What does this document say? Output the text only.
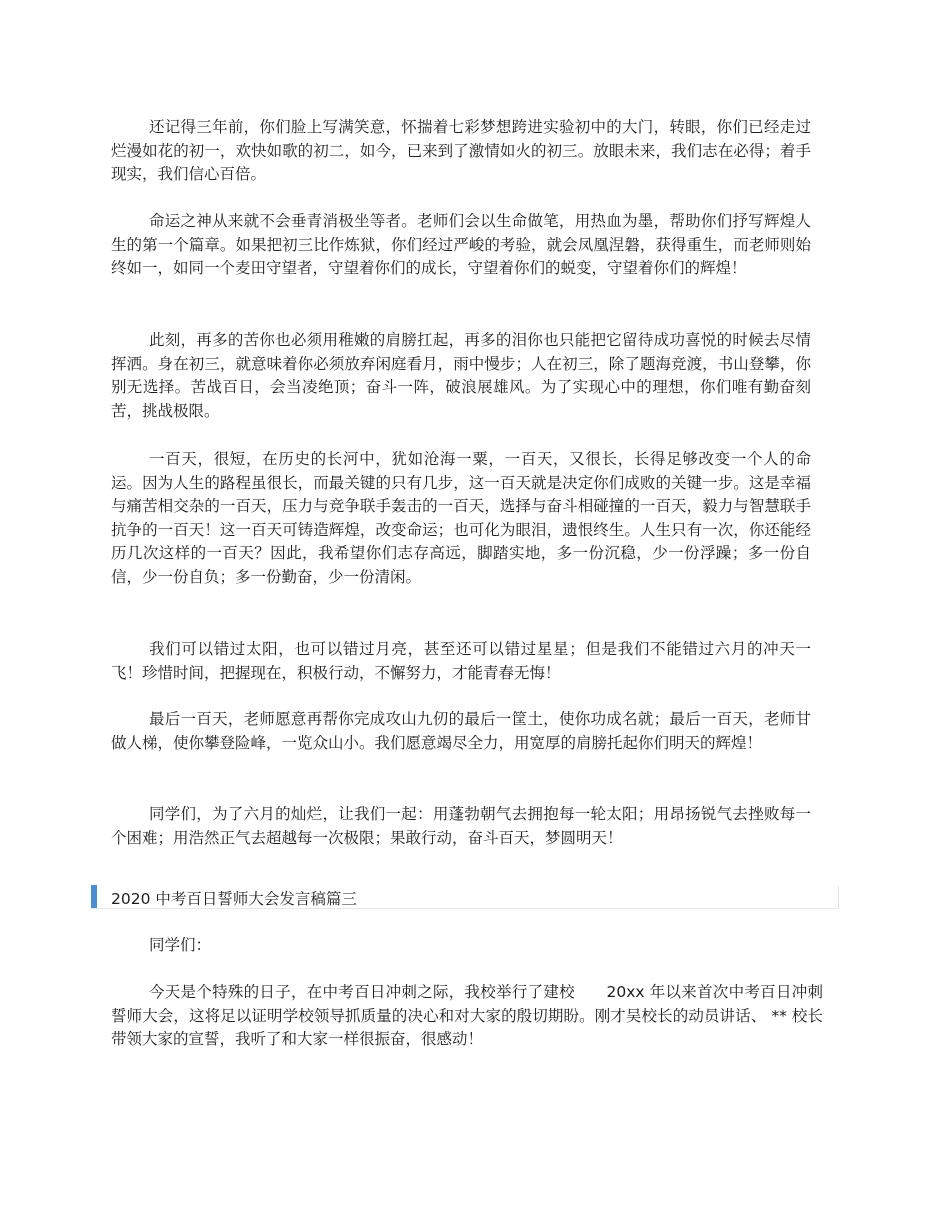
还记得三年前，你们脸上写满笑意，怀揣着七彩梦想跨进实验初中的大门，转眼，你们已经走过烂漫如花的初一，欢快如歌的初二，如今，已来到了激情如火的初三。放眼未来，我们志在必得；着手现实，我们信心百倍。

命运之神从来就不会垂青消极坐等者。老师们会以生命做笔，用热血为墨，帮助你们抒写辉煌人生的第一个篇章。如果把初三比作炼狱，你们经过严峻的考验，就会凤凰涅磐，获得重生，而老师则始终如一，如同一个麦田守望者，守望着你们的成长，守望着你们的蜕变，守望着你们的辉煌！

此刻，再多的苦你也必须用稚嫩的肩膀扛起，再多的泪你也只能把它留待成功喜悦的时候去尽情挥洒。身在初三，就意味着你必须放弃闲庭看月，雨中慢步；人在初三，除了题海竞渡，书山登攀，你别无选择。苦战百日，会当凌绝顶；奋斗一阵，破浪展雄风。为了实现心中的理想，你们唯有勤奋刻苦，挑战极限。

一百天，很短，在历史的长河中，犹如沧海一粟，一百天，又很长，长得足够改变一个人的命运。因为人生的路程虽很长，而最关键的只有几步，这一百天就是决定你们成败的关键一步。这是幸福与痛苦相交杂的一百天，压力与竞争联手轰击的一百天，选择与奋斗相碰撞的一百天，毅力与智慧联手抗争的一百天！这一百天可铸造辉煌，改变命运；也可化为眼泪，遗恨终生。人生只有一次，你还能经历几次这样的一百天？因此，我希望你们志存高远，脚踏实地，多一份沉稳，少一份浮躁；多一份自信，少一份自负；多一份勤奋，少一份清闲。

我们可以错过太阳，也可以错过月亮，甚至还可以错过星星；但是我们不能错过六月的冲天一飞！珍惜时间，把握现在，积极行动，不懈努力，才能青春无悔！

最后一百天，老师愿意再帮你完成攻山九仞的最后一筐土，使你功成名就；最后一百天，老师甘做人梯，使你攀登险峰，一览众山小。我们愿意竭尽全力，用宽厚的肩膀托起你们明天的辉煌！

同学们，为了六月的灿烂，让我们一起：用蓬勃朝气去拥抱每一轮太阳；用昂扬锐气去挫败每一个困难；用浩然正气去超越每一次极限；果敢行动，奋斗百天，梦圆明天！

2020 中考百日誓师大会发言稿篇三

同学们：

今天是个特殊的日子，在中考百日冲刺之际，我校举行了建校　　20xx 年以来首次中考百日冲刺誓师大会，这将足以证明学校领导抓质量的决心和对大家的殷切期盼。刚才吴校长的动员讲话、 ** 校长带领大家的宣誓，我听了和大家一样很振奋，很感动！
